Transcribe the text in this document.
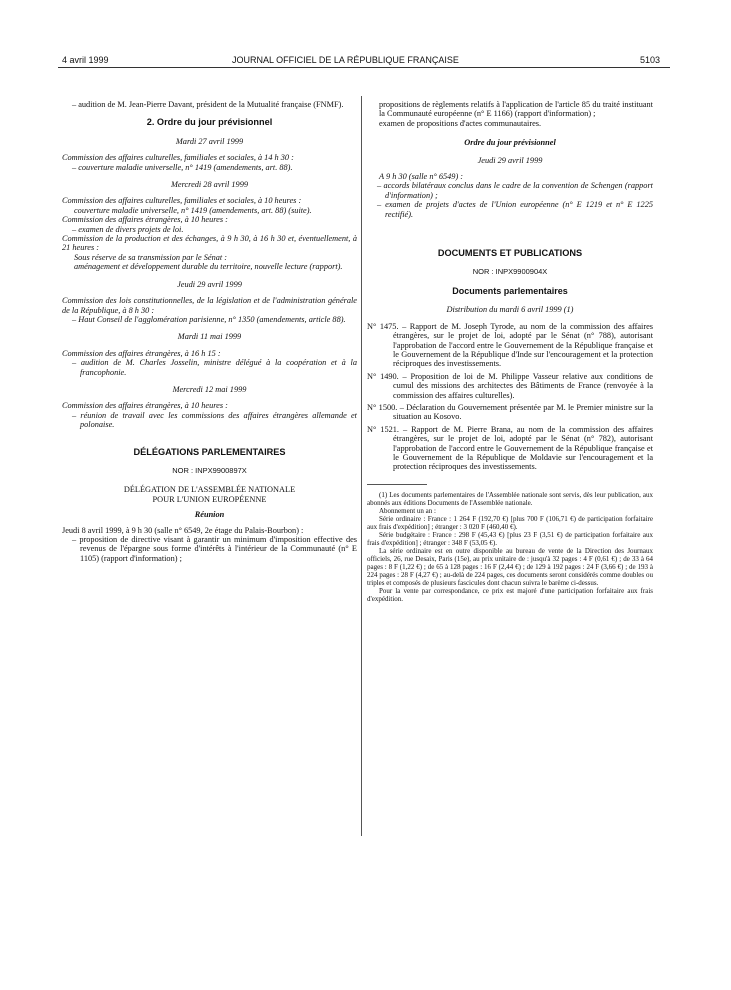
4 avril 1999	JOURNAL OFFICIEL DE LA RÉPUBLIQUE FRANÇAISE	5103

– audition de M. Jean-Pierre Davant, président de la Mutualité française (FNMF).

2. Ordre du jour prévisionnel

Mardi 27 avril 1999

Commission des affaires culturelles, familiales et sociales, à 14 h 30 :

– couverture maladie universelle, n° 1419 (amendements, art. 88).

Mercredi 28 avril 1999

Commission des affaires culturelles, familiales et sociales, à 10 heures :

couverture maladie universelle, n° 1419 (amendements, art. 88) (suite).

Commission des affaires étrangères, à 10 heures :

– examen de divers projets de loi.

Commission de la production et des échanges, à 9 h 30, à 16 h 30 et, éventuellement, à 21 heures :

Sous réserve de sa transmission par le Sénat :

aménagement et développement durable du territoire, nouvelle lecture (rapport).

Jeudi 29 avril 1999

Commission des lois constitutionnelles, de la législation et de l'administration générale de la République, à 8 h 30 :

– Haut Conseil de l'agglomération parisienne, n° 1350 (amendements, article 88).

Mardi 11 mai 1999

Commission des affaires étrangères, à 16 h 15 :

– audition de M. Charles Josselin, ministre délégué à la coopération et à la francophonie.

Mercredi 12 mai 1999

Commission des affaires étrangères, à 10 heures :

– réunion de travail avec les commissions des affaires étrangères allemande et polonaise.

DÉLÉGATIONS PARLEMENTAIRES

NOR : INPX9900897X

DÉLÉGATION DE L'ASSEMBLÉE NATIONALE

POUR L'UNION EUROPÉENNE

Réunion

Jeudi 8 avril 1999, à 9 h 30 (salle n° 6549, 2e étage du Palais-Bourbon) :

– proposition de directive visant à garantir un minimum d'imposition effective des revenus de l'épargne sous forme d'intérêts à l'intérieur de la Communauté (n° E 1105) (rapport d'information) ;

propositions de règlements relatifs à l'application de l'article 85 du traité instituant la Communauté européenne (n° E 1166) (rapport d'information) ;

examen de propositions d'actes communautaires.

Ordre du jour prévisionnel

Jeudi 29 avril 1999

A 9 h 30 (salle n° 6549) :

– accords bilatéraux conclus dans le cadre de la convention de Schengen (rapport d'information) ;

– examen de projets d'actes de l'Union européenne (n° E 1219 et n° E 1225 rectifié).

DOCUMENTS ET PUBLICATIONS

NOR : INPX9900904X

Documents parlementaires

Distribution du mardi 6 avril 1999 (1)

N° 1475. – Rapport de M. Joseph Tyrode, au nom de la commission des affaires étrangères, sur le projet de loi, adopté par le Sénat (n° 788), autorisant l'approbation de l'accord entre le Gouvernement de la République française et le Gouvernement de la République d'Inde sur l'encouragement et la protection réciproques des investissements.

N° 1490. – Proposition de loi de M. Philippe Vasseur relative aux conditions de cumul des missions des architectes des Bâtiments de France (renvoyée à la commission des affaires culturelles).

N° 1500. – Déclaration du Gouvernement présentée par M. le Premier ministre sur la situation au Kosovo.

N° 1521. – Rapport de M. Pierre Brana, au nom de la commission des affaires étrangères, sur le projet de loi, adopté par le Sénat (n° 782), autorisant l'approbation de l'accord entre le Gouvernement de la République française et le Gouvernement de la République de Moldavie sur l'encouragement et la protection réciproques des investissements.

(1) Les documents parlementaires de l'Assemblée nationale sont servis, dès leur publication, aux abonnés aux éditions Documents de l'Assemblée nationale.

Abonnement un an :

Série ordinaire : France : 1 264 F (192,70 €) [plus 700 F (106,71 €) de participation forfaitaire aux frais d'expédition] ; étranger : 3 020 F (460,40 €).

Série budgétaire : France : 298 F (45,43 €) [plus 23 F (3,51 €) de participation forfaitaire aux frais d'expédition] ; étranger : 348 F (53,05 €).

La série ordinaire est en outre disponible au bureau de vente de la Direction des Journaux officiels, 26, rue Desaix, Paris (15e), au prix unitaire de : jusqu'à 32 pages : 4 F (0,61 €) ; de 33 à 64 pages : 8 F (1,22 €) ; de 65 à 128 pages : 16 F (2,44 €) ; de 129 à 192 pages : 24 F (3,66 €) ; de 193 à 224 pages : 28 F (4,27 €) ; au-delà de 224 pages, ces documents seront considérés comme doubles ou triples et composés de plusieurs fascicules dont chacun suivra le barème ci-dessus.

Pour la vente par correspondance, ce prix est majoré d'une participation forfaitaire aux frais d'expédition.
